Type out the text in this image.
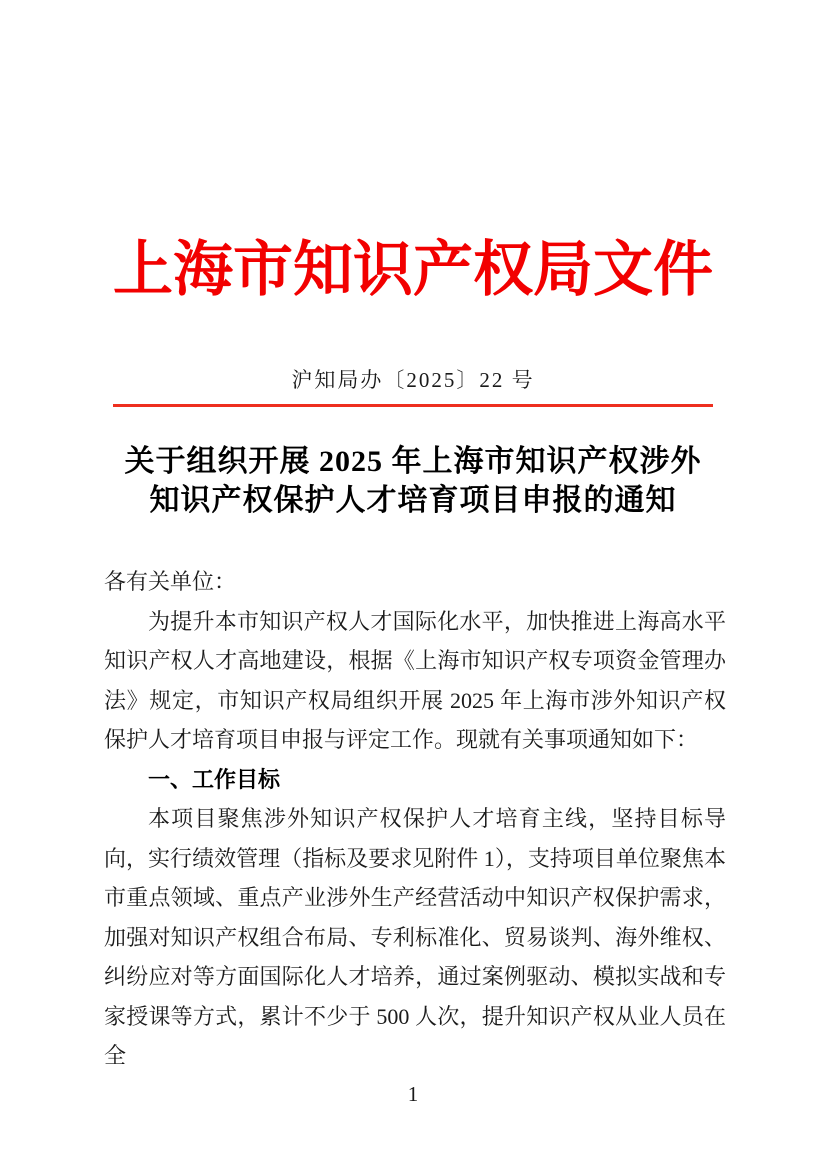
上海市知识产权局文件
沪知局办〔2025〕22 号
关于组织开展 2025 年上海市知识产权涉外
知识产权保护人才培育项目申报的通知

各有关单位：

为提升本市知识产权人才国际化水平，加快推进上海高水平知识产权人才高地建设，根据《上海市知识产权专项资金管理办法》规定，市知识产权局组织开展 2025 年上海市涉外知识产权保护人才培育项目申报与评定工作。现就有关事项通知如下：

一、工作目标

本项目聚焦涉外知识产权保护人才培育主线，坚持目标导向，实行绩效管理（指标及要求见附件 1），支持项目单位聚焦本市重点领域、重点产业涉外生产经营活动中知识产权保护需求，加强对知识产权组合布局、专利标准化、贸易谈判、海外维权、纠纷应对等方面国际化人才培养，通过案例驱动、模拟实战和专家授课等方式，累计不少于 500 人次，提升知识产权从业人员在全

1
